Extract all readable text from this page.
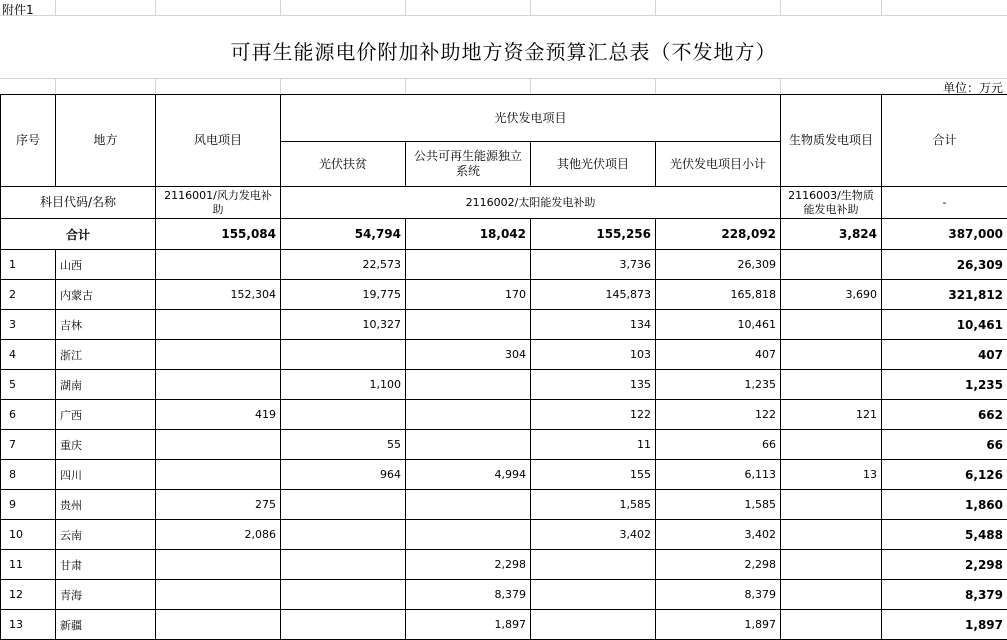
附件1
可再生能源电价附加补助地方资金预算汇总表（不发地方）
单位：万元
序号	地方	风电项目	光伏发电项目				生物质发电项目	合计
			光伏扶贫	公共可再生能源独立系统	其他光伏项目	光伏发电项目小计		
科目代码/名称		2116001/风力发电补助	2116002/太阳能发电补助				2116003/生物质能发电补助	-
合计		155,084	54,794	18,042	155,256	228,092	3,824	387,000
1	山西		22,573		3,736	26,309		26,309
2	内蒙古	152,304	19,775	170	145,873	165,818	3,690	321,812
3	吉林		10,327		134	10,461		10,461
4	浙江			304	103	407		407
5	湖南		1,100		135	1,235		1,235
6	广西	419			122	122	121	662
7	重庆		55		11	66		66
8	四川		964	4,994	155	6,113	13	6,126
9	贵州	275			1,585	1,585		1,860
10	云南	2,086			3,402	3,402		5,488
11	甘肃			2,298		2,298		2,298
12	青海			8,379		8,379		8,379
13	新疆			1,897		1,897		1,897
